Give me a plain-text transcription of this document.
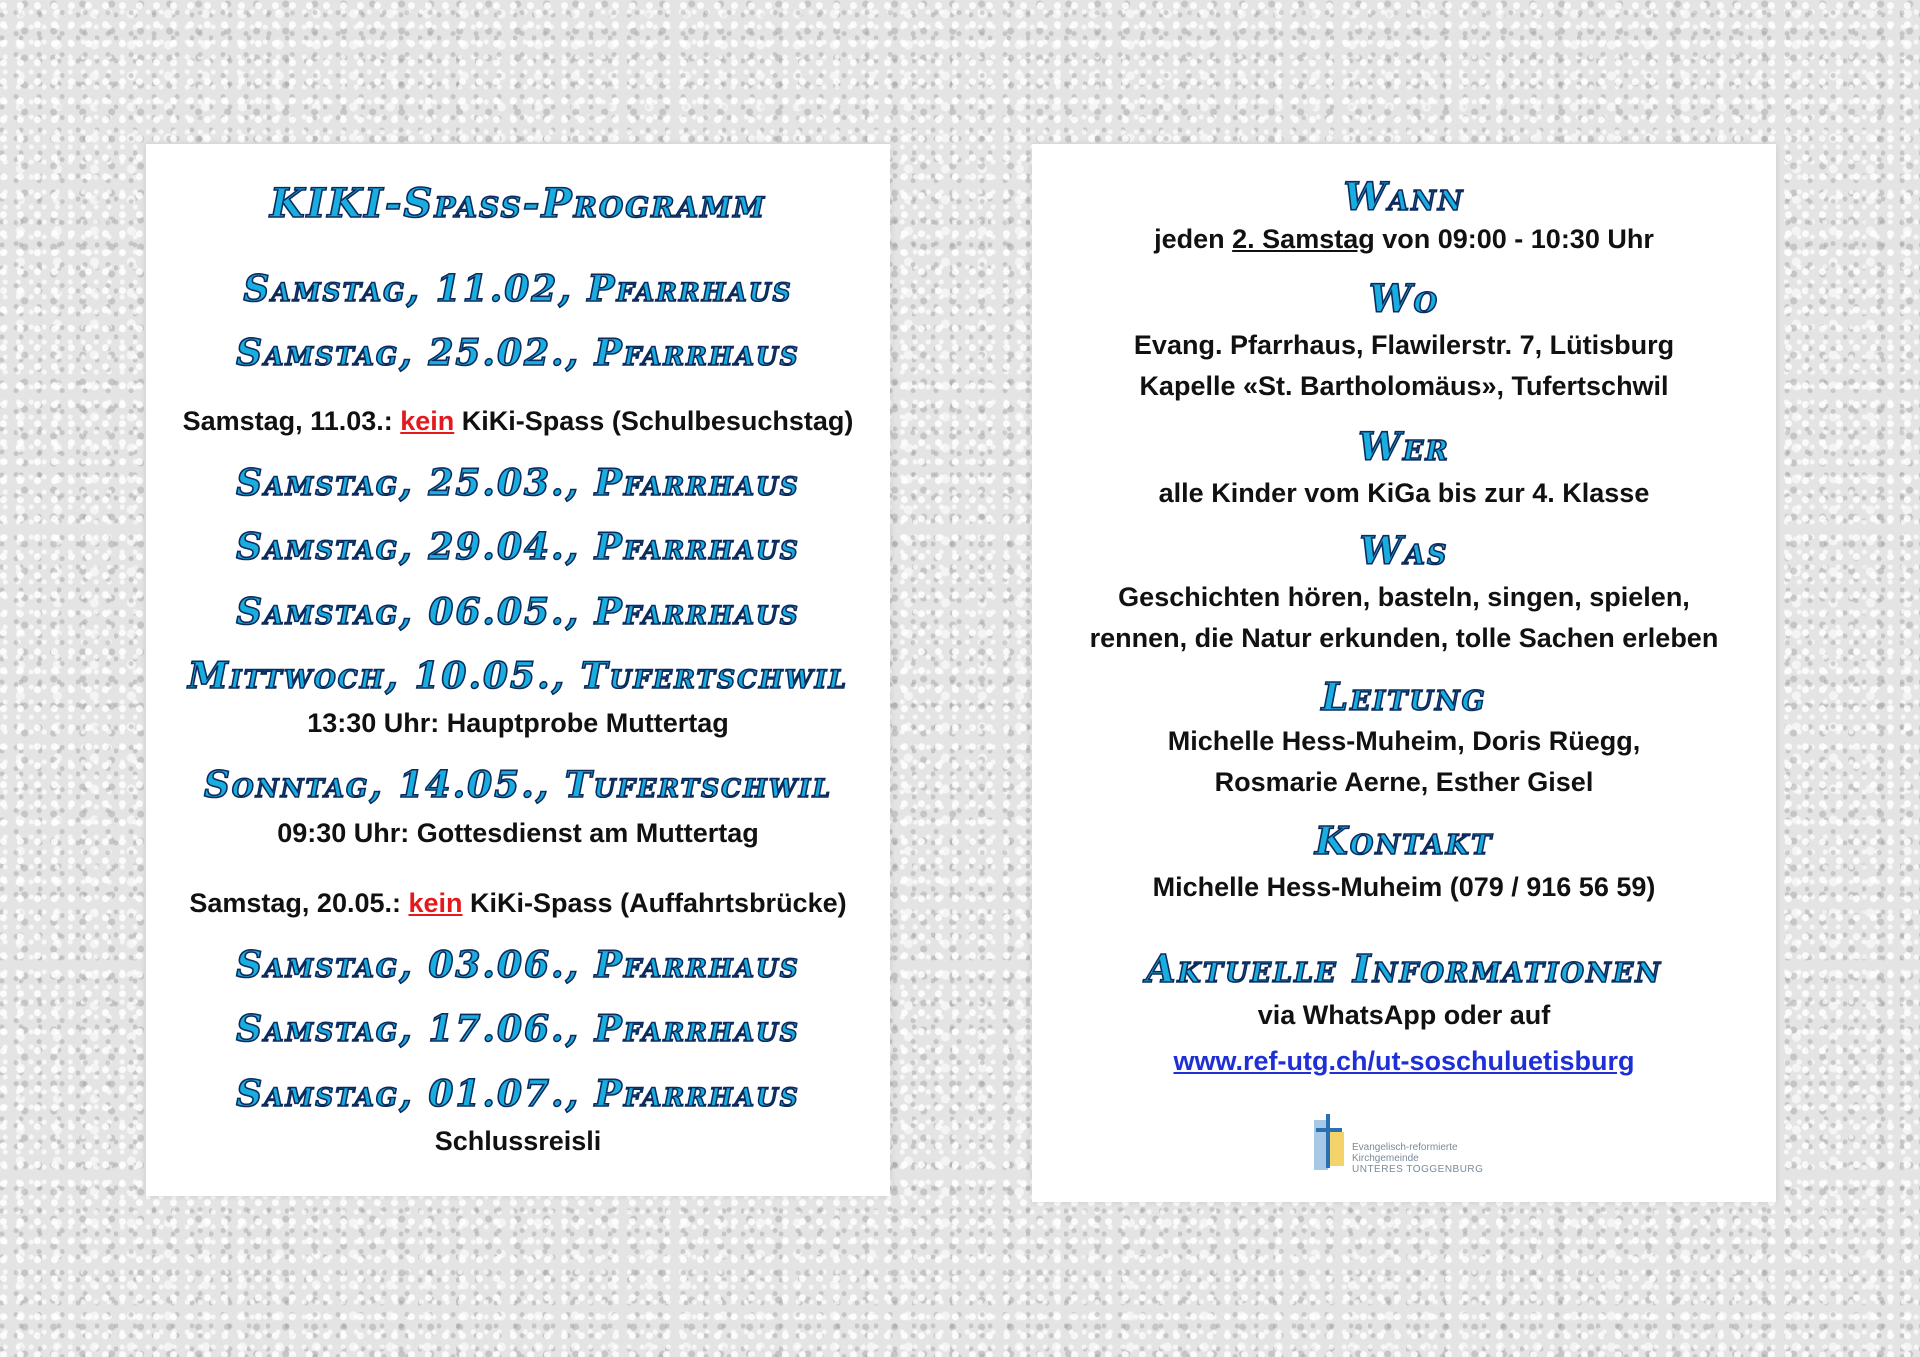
KIKI-Spass-Programm
Samstag, 11.02, Pfarrhaus
Samstag, 25.02., Pfarrhaus
Samstag, 11.03.: kein KiKi-Spass (Schulbesuchstag)
Samstag, 25.03., Pfarrhaus
Samstag, 29.04., Pfarrhaus
Samstag, 06.05., Pfarrhaus
Mittwoch, 10.05., Tufertschwil
13:30 Uhr: Hauptprobe Muttertag
Sonntag, 14.05., Tufertschwil
09:30 Uhr: Gottesdienst am Muttertag
Samstag, 20.05.: kein KiKi-Spass (Auffahrtsbrücke)
Samstag, 03.06., Pfarrhaus
Samstag, 17.06., Pfarrhaus
Samstag, 01.07., Pfarrhaus
Schlussreisli
Wann
jeden 2. Samstag von 09:00 - 10:30 Uhr
Wo
Evang. Pfarrhaus, Flawilerstr. 7, Lütisburg
Kapelle «St. Bartholomäus», Tufertschwil
Wer
alle Kinder vom KiGa bis zur 4. Klasse
Was
Geschichten hören, basteln, singen, spielen,
rennen, die Natur erkunden, tolle Sachen erleben
Leitung
Michelle Hess-Muheim, Doris Rüegg,
Rosmarie Aerne, Esther Gisel
Kontakt
Michelle Hess-Muheim (079 / 916 56 59)
Aktuelle Informationen
via WhatsApp oder auf
www.ref-utg.ch/ut-soschuluetisburg
Evangelisch-reformierte
Kirchgemeinde
UNTERES TOGGENBURG
